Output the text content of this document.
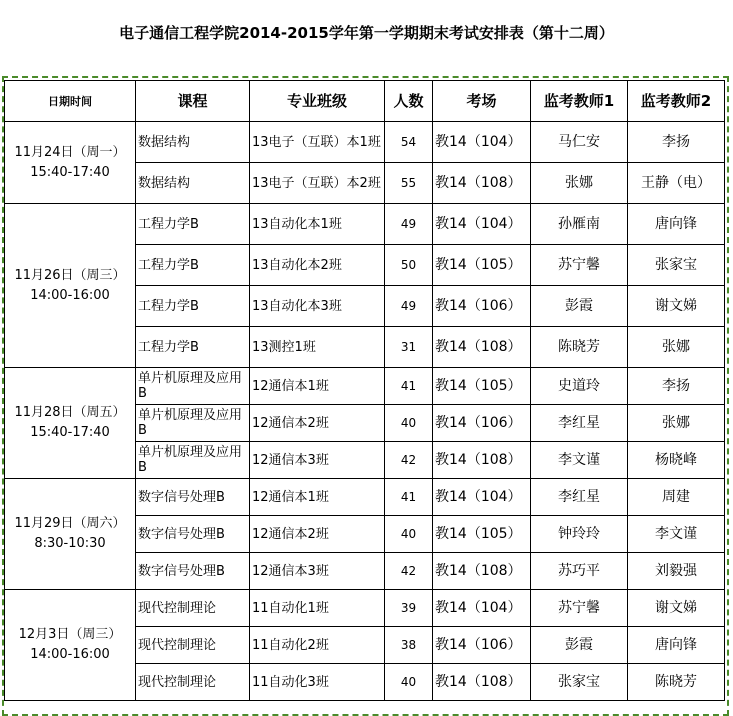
电子通信工程学院2014-2015学年第一学期期末考试安排表（第十二周）
日期时间	课程	专业班级	人数	考场	监考教师1	监考教师2

11月24日（周一）
15:40-17:40	数据结构	13电子（互联）本1班	54	教14（104）	马仁安	李扬
	数据结构	13电子（互联）本2班	55	教14（108）	张娜	王静（电）

11月26日（周三）
14:00-16:00	工程力学B	13自动化本1班	49	教14（104）	孙雁南	唐向锋
	工程力学B	13自动化本2班	50	教14（105）	苏宁馨	张家宝
	工程力学B	13自动化本3班	49	教14（106）	彭霞	谢文娣
	工程力学B	13测控1班	31	教14（108）	陈晓芳	张娜

11月28日（周五）
15:40-17:40	单片机原理及应用B	12通信本1班	41	教14（105）	史道玲	李扬
	单片机原理及应用B	12通信本2班	40	教14（106）	李红星	张娜
	单片机原理及应用B	12通信本3班	42	教14（108）	李文谨	杨晓峰

11月29日（周六）
8:30-10:30	数字信号处理B	12通信本1班	41	教14（104）	李红星	周建
	数字信号处理B	12通信本2班	40	教14（105）	钟玲玲	李文谨
	数字信号处理B	12通信本3班	42	教14（108）	苏巧平	刘毅强

12月3日（周三）
14:00-16:00	现代控制理论	11自动化1班	39	教14（104）	苏宁馨	谢文娣
	现代控制理论	11自动化2班	38	教14（106）	彭霞	唐向锋
	现代控制理论	11自动化3班	40	教14（108）	张家宝	陈晓芳
